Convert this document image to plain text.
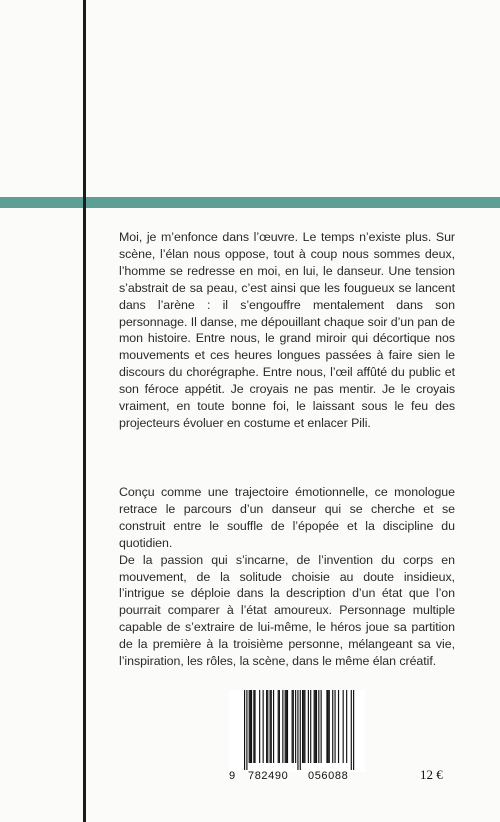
Moi, je m’enfonce dans l’œuvre. Le temps n’existe plus. Sur scène, l’élan nous oppose, tout à coup nous sommes deux, l’homme se redresse en moi, en lui, le danseur. Une tension s’abstrait de sa peau, c’est ainsi que les fougueux se lancent dans l’arène : il s’engouffre mentalement dans son personnage. Il danse, me dépouillant chaque soir d’un pan de mon histoire. Entre nous, le grand miroir qui décortique nos mouvements et ces heures longues passées à faire sien le discours du chorégraphe. Entre nous, l’œil affûté du public et son féroce appétit. Je croyais ne pas mentir. Je le croyais vraiment, en toute bonne foi, le laissant sous le feu des projecteurs évoluer en costume et enlacer Pili.

Conçu comme une trajectoire émotionnelle, ce monologue retrace le parcours d’un danseur qui se cherche et se construit entre le souffle de l’épopée et la discipline du quotidien.

De la passion qui s’incarne, de l’invention du corps en mouvement, de la solitude choisie au doute insidieux, l’intrigue se déploie dans la description d’un état que l’on pourrait comparer à l’état amoureux. Personnage multiple capable de s’extraire de lui-même, le héros joue sa partition de la première à la troisième personne, mélangeant sa vie, l’inspiration, les rôles, la scène, dans le même élan créatif.

9

782490

056088	12 €
